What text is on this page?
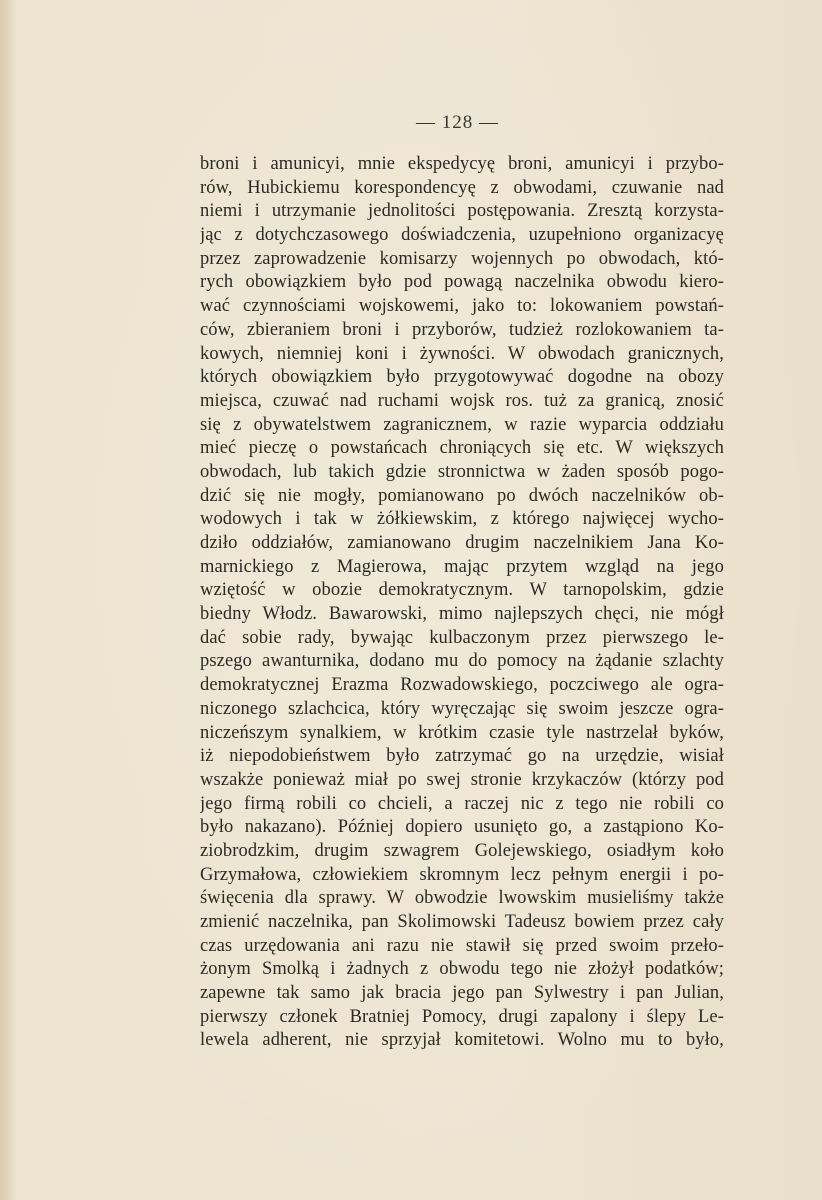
— 128 —
broni i amunicyi, mnie ekspedycyę broni, amunicyi i przybo-
rów, Hubickiemu korespondencyę z obwodami, czuwanie nad
niemi i utrzymanie jednolitości postępowania. Zresztą korzysta-
jąc z dotychczasowego doświadczenia, uzupełniono organizacyę
przez zaprowadzenie komisarzy wojennych po obwodach, któ-
rych obowiązkiem było pod powagą naczelnika obwodu kiero-
wać czynnościami wojskowemi, jako to: lokowaniem powstań-
ców, zbieraniem broni i przyborów, tudzież rozlokowaniem ta-
kowych, niemniej koni i żywności. W obwodach granicznych,
których obowiązkiem było przygotowywać dogodne na obozy
miejsca, czuwać nad ruchami wojsk ros. tuż za granicą, znosić
się z obywatelstwem zagranicznem, w razie wyparcia oddziału
mieć pieczę o powstańcach chroniących się etc. W większych
obwodach, lub takich gdzie stronnictwa w żaden sposób pogo-
dzić się nie mogły, pomianowano po dwóch naczelników ob-
wodowych i tak w żółkiewskim, z którego najwięcej wycho-
dziło oddziałów, zamianowano drugim naczelnikiem Jana Ko-
marnickiego z Magierowa, mając przytem wzgląd na jego
wziętość w obozie demokratycznym. W tarnopolskim, gdzie
biedny Włodz. Bawarowski, mimo najlepszych chęci, nie mógł
dać sobie rady, bywając kulbaczonym przez pierwszego le-
pszego awanturnika, dodano mu do pomocy na żądanie szlachty
demokratycznej Erazma Rozwadowskiego, poczciwego ale ogra-
niczonego szlachcica, który wyręczając się swoim jeszcze ogra-
niczeńszym synalkiem, w krótkim czasie tyle nastrzelał byków,
iż niepodobieństwem było zatrzymać go na urzędzie, wisiał
wszakże ponieważ miał po swej stronie krzykaczów (którzy pod
jego firmą robili co chcieli, a raczej nic z tego nie robili co
było nakazano). Później dopiero usunięto go, a zastąpiono Ko-
ziobrodzkim, drugim szwagrem Golejewskiego, osiadłym koło
Grzymałowa, człowiekiem skromnym lecz pełnym energii i po-
święcenia dla sprawy. W obwodzie lwowskim musieliśmy także
zmienić naczelnika, pan Skolimowski Tadeusz bowiem przez cały
czas urzędowania ani razu nie stawił się przed swoim przeło-
żonym Smolką i żadnych z obwodu tego nie złożył podatków;
zapewne tak samo jak bracia jego pan Sylwestry i pan Julian,
pierwszy członek Bratniej Pomocy, drugi zapalony i ślepy Le-
lewela adherent, nie sprzyjał komitetowi. Wolno mu to było,
